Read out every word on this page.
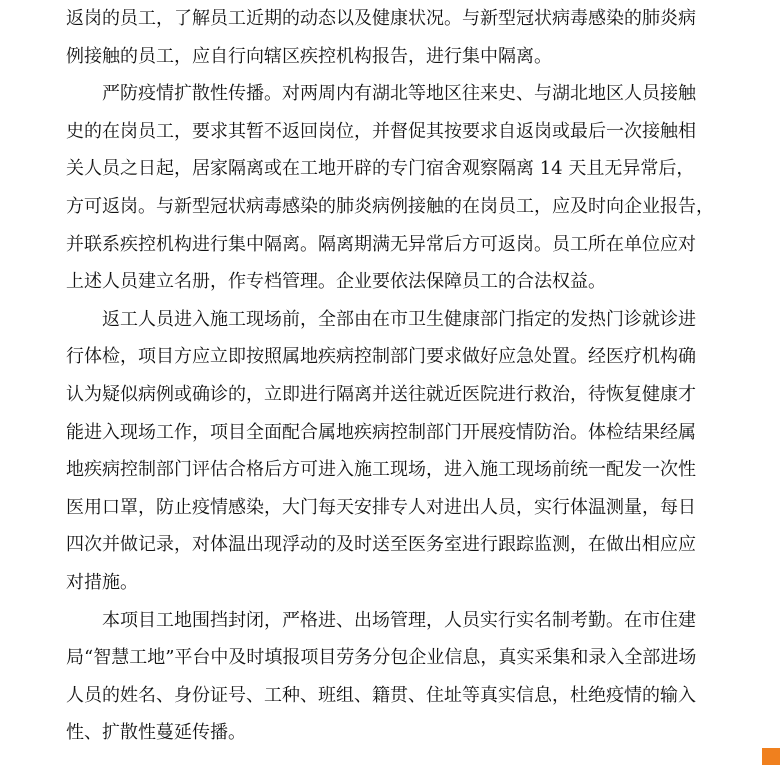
返岗的员工，了解员工近期的动态以及健康状况。与新型冠状病毒感染的肺炎病
例接触的员工，应自行向辖区疾控机构报告，进行集中隔离。
严防疫情扩散性传播。对两周内有湖北等地区往来史、与湖北地区人员接触
史的在岗员工，要求其暂不返回岗位，并督促其按要求自返岗或最后一次接触相
关人员之日起，居家隔离或在工地开辟的专门宿舍观察隔离 14 天且无异常后，
方可返岗。与新型冠状病毒感染的肺炎病例接触的在岗员工，应及时向企业报告，
并联系疾控机构进行集中隔离。隔离期满无异常后方可返岗。员工所在单位应对
上述人员建立名册，作专档管理。企业要依法保障员工的合法权益。
返工人员进入施工现场前，全部由在市卫生健康部门指定的发热门诊就诊进
行体检，项目方应立即按照属地疾病控制部门要求做好应急处置。经医疗机构确
认为疑似病例或确诊的，立即进行隔离并送往就近医院进行救治，待恢复健康才
能进入现场工作，项目全面配合属地疾病控制部门开展疫情防治。体检结果经属
地疾病控制部门评估合格后方可进入施工现场，进入施工现场前统一配发一次性
医用口罩，防止疫情感染，大门每天安排专人对进出人员，实行体温测量，每日
四次并做记录，对体温出现浮动的及时送至医务室进行跟踪监测，在做出相应应
对措施。
本项目工地围挡封闭，严格进、出场管理，人员实行实名制考勤。在市住建
局“智慧工地”平台中及时填报项目劳务分包企业信息，真实采集和录入全部进场
人员的姓名、身份证号、工种、班组、籍贯、住址等真实信息，杜绝疫情的输入
性、扩散性蔓延传播。
